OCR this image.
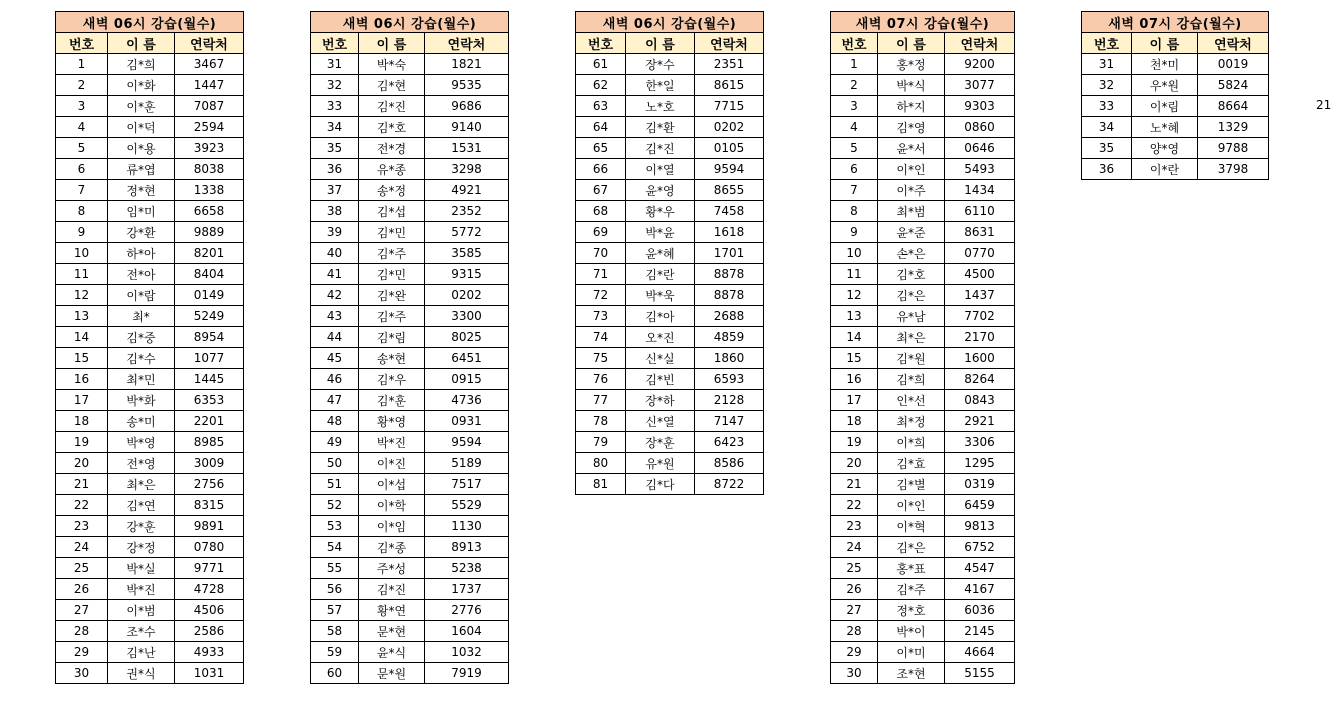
새벽 06시 강습(월수)		
번호	이 름	연락처
1	김*희	3467
2	이*화	1447
3	이*훈	7087
4	이*덕	2594
5	이*용	3923
6	류*엽	8038
7	정*현	1338
8	임*미	6658
9	강*환	9889
10	하*아	8201
11	전*아	8404
12	이*람	0149
13	최*	5249
14	김*중	8954
15	김*수	1077
16	최*민	1445
17	박*화	6353
18	송*미	2201
19	박*영	8985
20	전*영	3009
21	최*은	2756
22	김*연	8315
23	강*훈	9891
24	강*정	0780
25	박*실	9771
26	박*진	4728
27	이*범	4506
28	조*수	2586
29	김*난	4933
30	권*식	1031
새벽 06시 강습(월수)		
번호	이 름	연락처
31	박*숙	1821
32	김*현	9535
33	김*진	9686
34	김*호	9140
35	전*경	1531
36	유*종	3298
37	송*정	4921
38	김*섭	2352
39	김*민	5772
40	김*주	3585
41	김*민	9315
42	김*완	0202
43	김*주	3300
44	김*림	8025
45	송*현	6451
46	김*우	0915
47	김*훈	4736
48	황*영	0931
49	박*진	9594
50	이*진	5189
51	이*섭	7517
52	이*학	5529
53	이*임	1130
54	김*종	8913
55	주*성	5238
56	김*진	1737
57	황*연	2776
58	문*현	1604
59	윤*식	1032
60	문*원	7919
새벽 06시 강습(월수)		
번호	이 름	연락처
61	장*수	2351
62	한*일	8615
63	노*호	7715
64	김*환	0202
65	김*진	0105
66	이*열	9594
67	윤*영	8655
68	황*우	7458
69	박*윤	1618
70	윤*혜	1701
71	김*란	8878
72	박*욱	8878
73	김*아	2688
74	오*진	4859
75	신*실	1860
76	김*빈	6593
77	장*하	2128
78	신*열	7147
79	장*훈	6423
80	유*원	8586
81	김*다	8722
새벽 07시 강습(월수)		
번호	이 름	연락처
1	홍*정	9200
2	박*식	3077
3	하*지	9303
4	김*영	0860
5	윤*서	0646
6	이*인	5493
7	이*주	1434
8	최*범	6110
9	윤*준	8631
10	손*은	0770
11	김*호	4500
12	김*은	1437
13	유*남	7702
14	최*은	2170
15	김*원	1600
16	김*희	8264
17	인*선	0843
18	최*정	2921
19	이*희	3306
20	김*효	1295
21	김*별	0319
22	이*인	6459
23	이*혁	9813
24	김*은	6752
25	홍*표	4547
26	김*주	4167
27	정*호	6036
28	박*이	2145
29	이*미	4664
30	조*현	5155
새벽 07시 강습(월수)		
번호	이 름	연락처
31	천*미	0019
32	우*원	5824
33	이*림	8664
34	노*혜	1329
35	양*영	9788
36	이*란	3798
21
